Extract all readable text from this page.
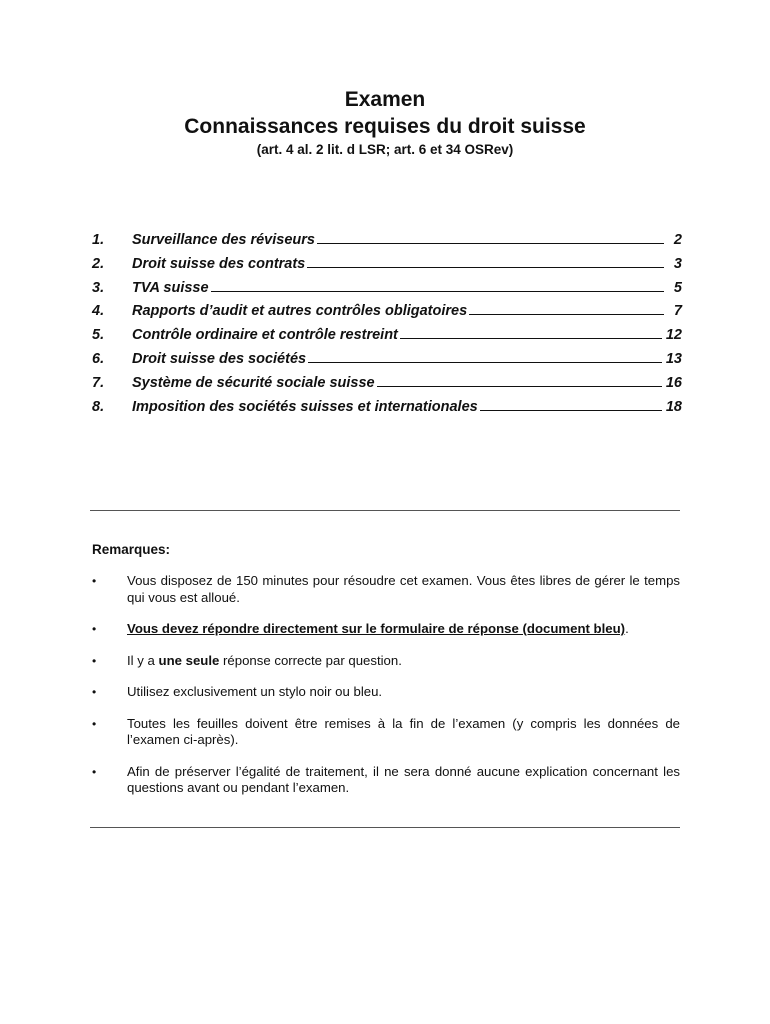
Examen
Connaissances requises du droit suisse
(art. 4 al. 2 lit. d LSR; art. 6 et 34 OSRev)
1.	Surveillance des réviseurs	2
2.	Droit suisse des contrats	3
3.	TVA suisse	5
4.	Rapports d’audit et autres contrôles obligatoires	7
5.	Contrôle ordinaire et contrôle restreint	12
6.	Droit suisse des sociétés	13
7.	Système de sécurité sociale suisse	16
8.	Imposition des sociétés suisses et internationales	18
Remarques:
•	Vous disposez de 150 minutes pour résoudre cet examen. Vous êtes libres de gérer le temps qui vous est alloué.
•	Vous devez répondre directement sur le formulaire de réponse (document bleu).
•	Il y a une seule réponse correcte par question.
•	Utilisez exclusivement un stylo noir ou bleu.
•	Toutes les feuilles doivent être remises à la fin de l’examen (y compris les données de l’examen ci-après).
•	Afin de préserver l’égalité de traitement, il ne sera donné aucune explication concernant les questions avant ou pendant l’examen.
